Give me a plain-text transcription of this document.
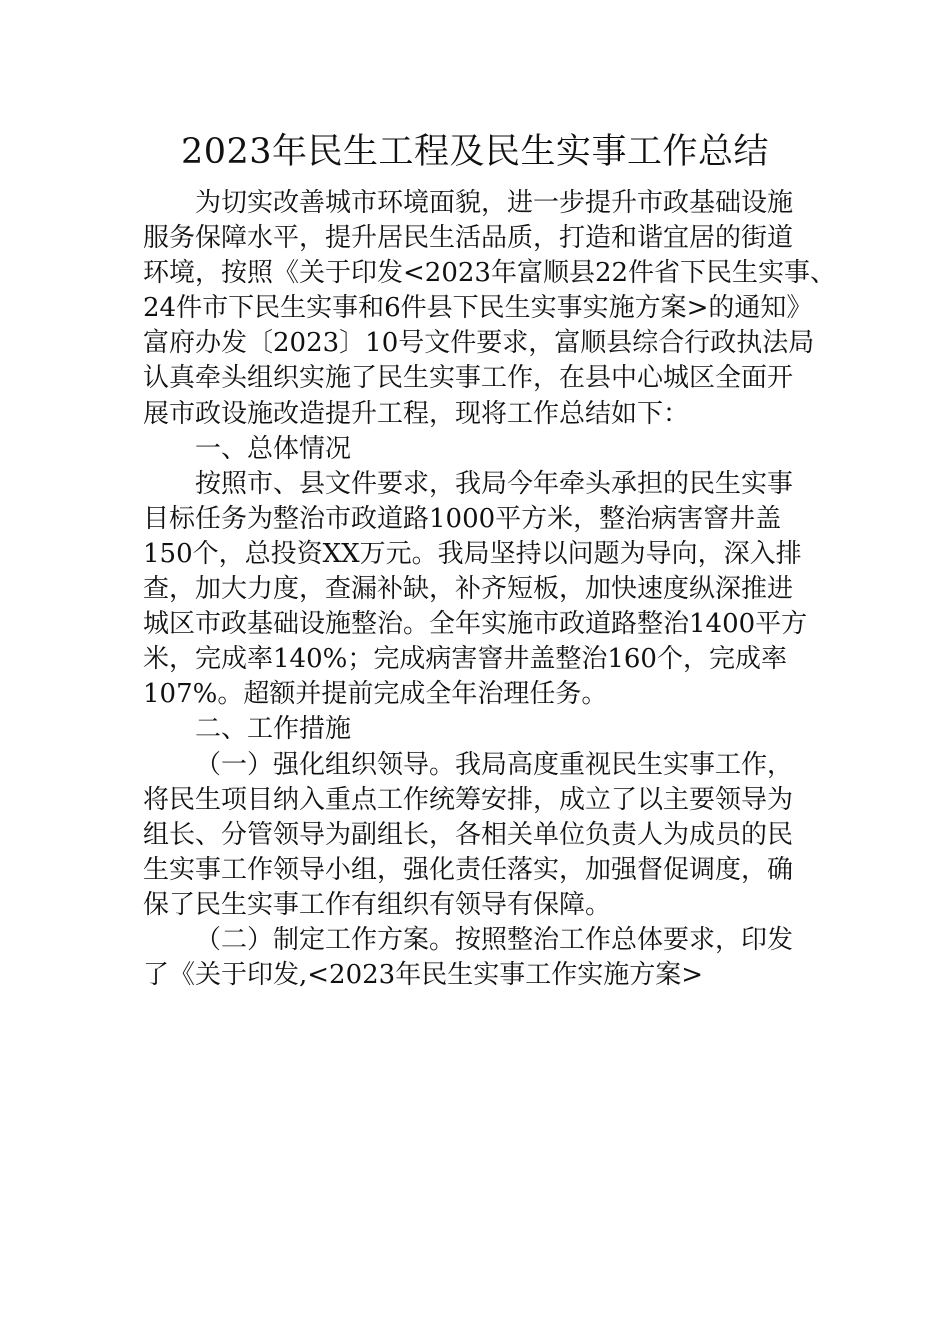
2023年民生工程及民生实事工作总结
为切实改善城市环境面貌，进一步提升市政基础设施
服务保障水平，提升居民生活品质，打造和谐宜居的街道
环境，按照《关于印发<2023年富顺县22件省下民生实事、
24件市下民生实事和6件县下民生实事实施方案>的通知》
富府办发〔2023〕10号文件要求，富顺县综合行政执法局
认真牵头组织实施了民生实事工作，在县中心城区全面开
展市政设施改造提升工程，现将工作总结如下：
一、总体情况
按照市、县文件要求，我局今年牵头承担的民生实事
目标任务为整治市政道路1000平方米，整治病害窨井盖
150个，总投资XX万元。我局坚持以问题为导向，深入排
查，加大力度，查漏补缺，补齐短板，加快速度纵深推进
城区市政基础设施整治。全年实施市政道路整治1400平方
米，完成率140%；完成病害窨井盖整治160个，完成率
107%。超额并提前完成全年治理任务。
二、工作措施
（一）强化组织领导。我局高度重视民生实事工作，
将民生项目纳入重点工作统筹安排，成立了以主要领导为
组长、分管领导为副组长，各相关单位负责人为成员的民
生实事工作领导小组，强化责任落实，加强督促调度，确
保了民生实事工作有组织有领导有保障。
（二）制定工作方案。按照整治工作总体要求，印发
了《关于印发,<2023年民生实事工作实施方案>
